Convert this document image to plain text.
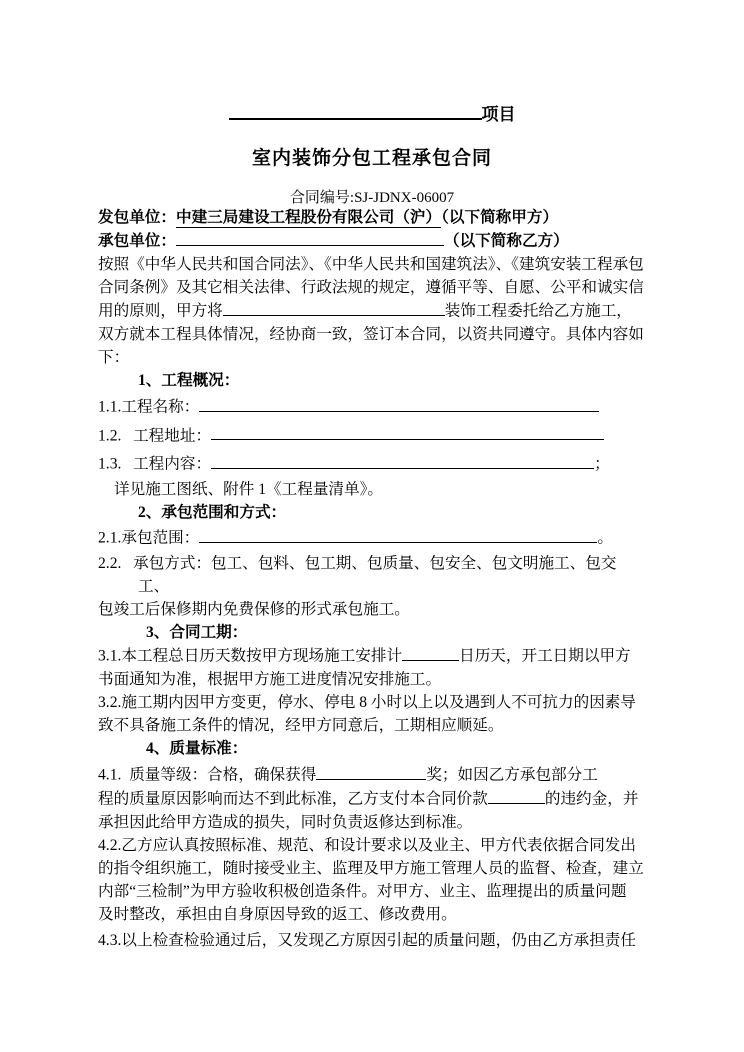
项目
室内装饰分包工程承包合同
合同编号:SJ-JDNX-06007
发包单位：中建三局建设工程股份有限公司（沪）（以下简称甲方）
承包单位：	（以下简称乙方）
按照《中华人民共和国合同法》、《中华人民共和国建筑法》、《建筑安装工程承包
合同条例》及其它相关法律、行政法规的规定，遵循平等、自愿、公平和诚实信
用的原则，甲方将	装饰工程委托给乙方施工，
双方就本工程具体情况，经协商一致，签订本合同，以资共同遵守。具体内容如
下：
1、工程概况：
1.1.工程名称：
1.2.   工程地址：
1.3.   工程内容：	；
详见施工图纸、附件 1《工程量清单》。
2、承包范围和方式：
2.1.承包范围：	。
2.2.   承包方式：包工、包料、包工期、包质量、包安全、包文明施工、包交
工、
包竣工后保修期内免费保修的形式承包施工。
3、合同工期：
3.1.本工程总日历天数按甲方现场施工安排计	日历天，开工日期以甲方
书面通知为准，根据甲方施工进度情况安排施工。
3.2.施工期内因甲方变更，停水、停电 8 小时以上以及遇到人不可抗力的因素导
致不具备施工条件的情况，经甲方同意后，工期相应顺延。
4、质量标准：
4.1.  质量等级：合格，确保获得	奖；如因乙方承包部分工
程的质量原因影响而达不到此标准，乙方支付本合同价款	的违约金，并
承担因此给甲方造成的损失，同时负责返修达到标准。
4.2.乙方应认真按照标准、规范、和设计要求以及业主、甲方代表依据合同发出
的指令组织施工，随时接受业主、监理及甲方施工管理人员的监督、检查，建立
内部“三检制”为甲方验收积极创造条件。对甲方、业主、监理提出的质量问题
及时整改，承担由自身原因导致的返工、修改费用。
4.3.以上检查检验通过后，又发现乙方原因引起的质量问题，仍由乙方承担责任
